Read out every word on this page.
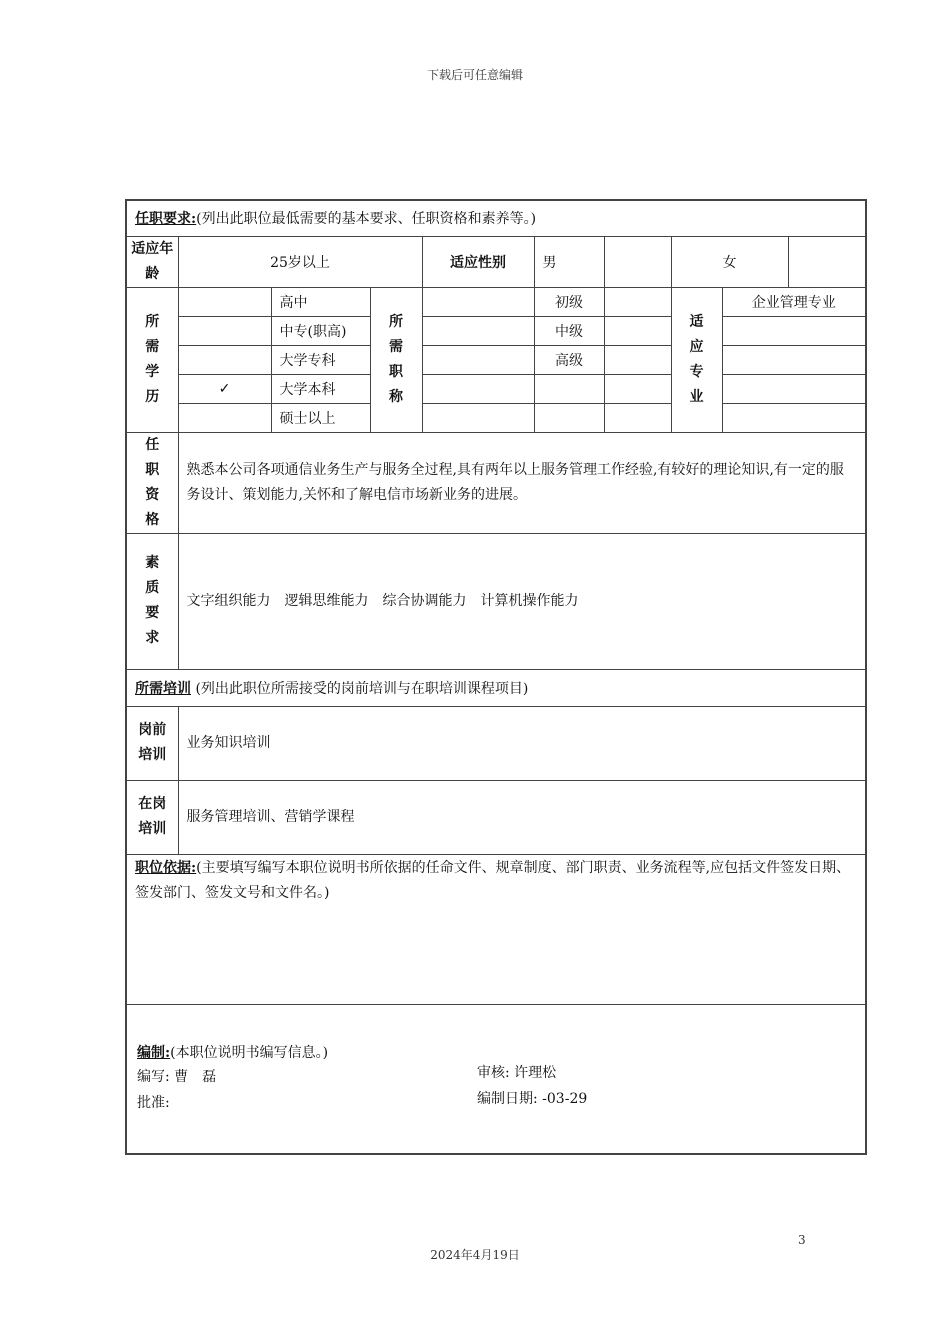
下载后可任意编辑
任职要求:(列出此职位最低需要的基本要求、任职资格和素养等。)									
适应年龄	25岁以上			适应性别	男		女		

所需学历		高中	所需职称		初级		适应专业	企业管理专业	
		中专(职高)			中级				
		大学专科			高级				
	✓	大学本科							
		硕士以上							

任职资格	熟悉本公司各项通信业务生产与服务全过程,具有两年以上服务管理工作经验,有较好的理论知识,有一定的服务设计、策划能力,关怀和了解电信市场新业务的进展。								

素质要求	文字组织能力　逻辑思维能力　综合协调能力　计算机操作能力								
所需培训 (列出此职位所需接受的岗前培训与在职培训课程项目)									

岗前培训	业务知识培训								

在岗培训	服务管理培训、营销学课程								
职位依据:(主要填写编写本职位说明书所依据的任命文件、规章制度、部门职责、业务流程等,应包括文件签发日期、签发部门、签发文号和文件名。)									

编制:(本职位说明书编写信息。)
编写: 曹　磊 审核: 许理松
批准: 编制日期: -03-29									
3
2024年4月19日
